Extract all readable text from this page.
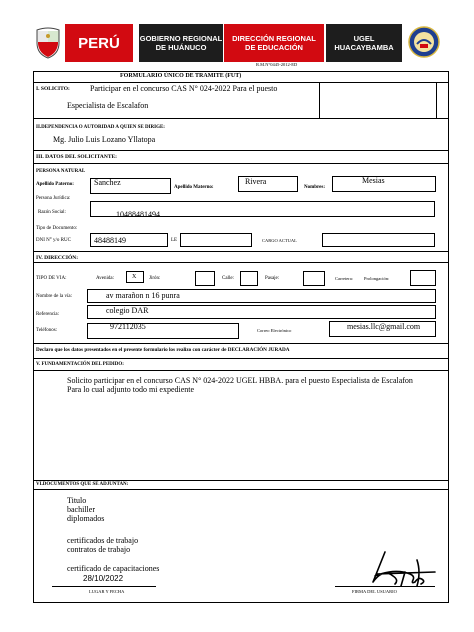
PERÚ	GOBIERNO REGIONAL
DE HUÁNUCO
DIRECCIÓN REGIONAL
DE EDUCACIÓN
UGEL
HUACAYBAMBA
R.M.N°0445-2012-ED
FORMULARIO ÚNICO DE TRAMITE (FUT)
I. SOLICITO:	Participar en el concurso CAS N° 024-2022 Para el puesto
Especialista de Escalafon
II.DEPENDENCIA O AUTORIDAD A QUIEN SE DIRIGE:
Mg. Julio Luis Lozano Yllatopa
III. DATOS DEL SOLICITANTE:
PERSONA NATURAL
Apellido Paterno:	Sanchez
Apellido Materno:
Rivera
Nombres:
Mesias
Persona Jurídica:
Razón Social:	10488481494
Tipo de Documento:
DNI N° y/o RUC	48488149	LE	CARGO ACTUAL
IV. DIRECCIÓN:
TIPO DE VIA:	Avenida:	X	Jirón:	Calle:	Pasaje:	Carretera: Prolongación:
Nombre de la vía:	av marañon n 16 punra
Referencia:	colegio DAR
Teléfonos:	972112035	Correo Electrónico	mesias.llc@gmail.com
Declaro que los datos presentados en el presente formulario los realizo con carácter de DECLARACIÓN JURADA
V. FUNDAMENTACIÓN DEL PEDIDO:
Solicito participar en el concurso CAS N° 024-2022 UGEL HBBA. para el puesto Especialista de Escalafon
Para lo cual adjunto todo mi expediente
VI.DOCUMENTOS QUE SE ADJUNTAN:
Titulo
bachiller
diplomados

certificados de trabajo
contratos de trabajo

certificado de capacitaciones
28/10/2022
LUGAR Y FECHA	FIRMA DEL USUARIO
